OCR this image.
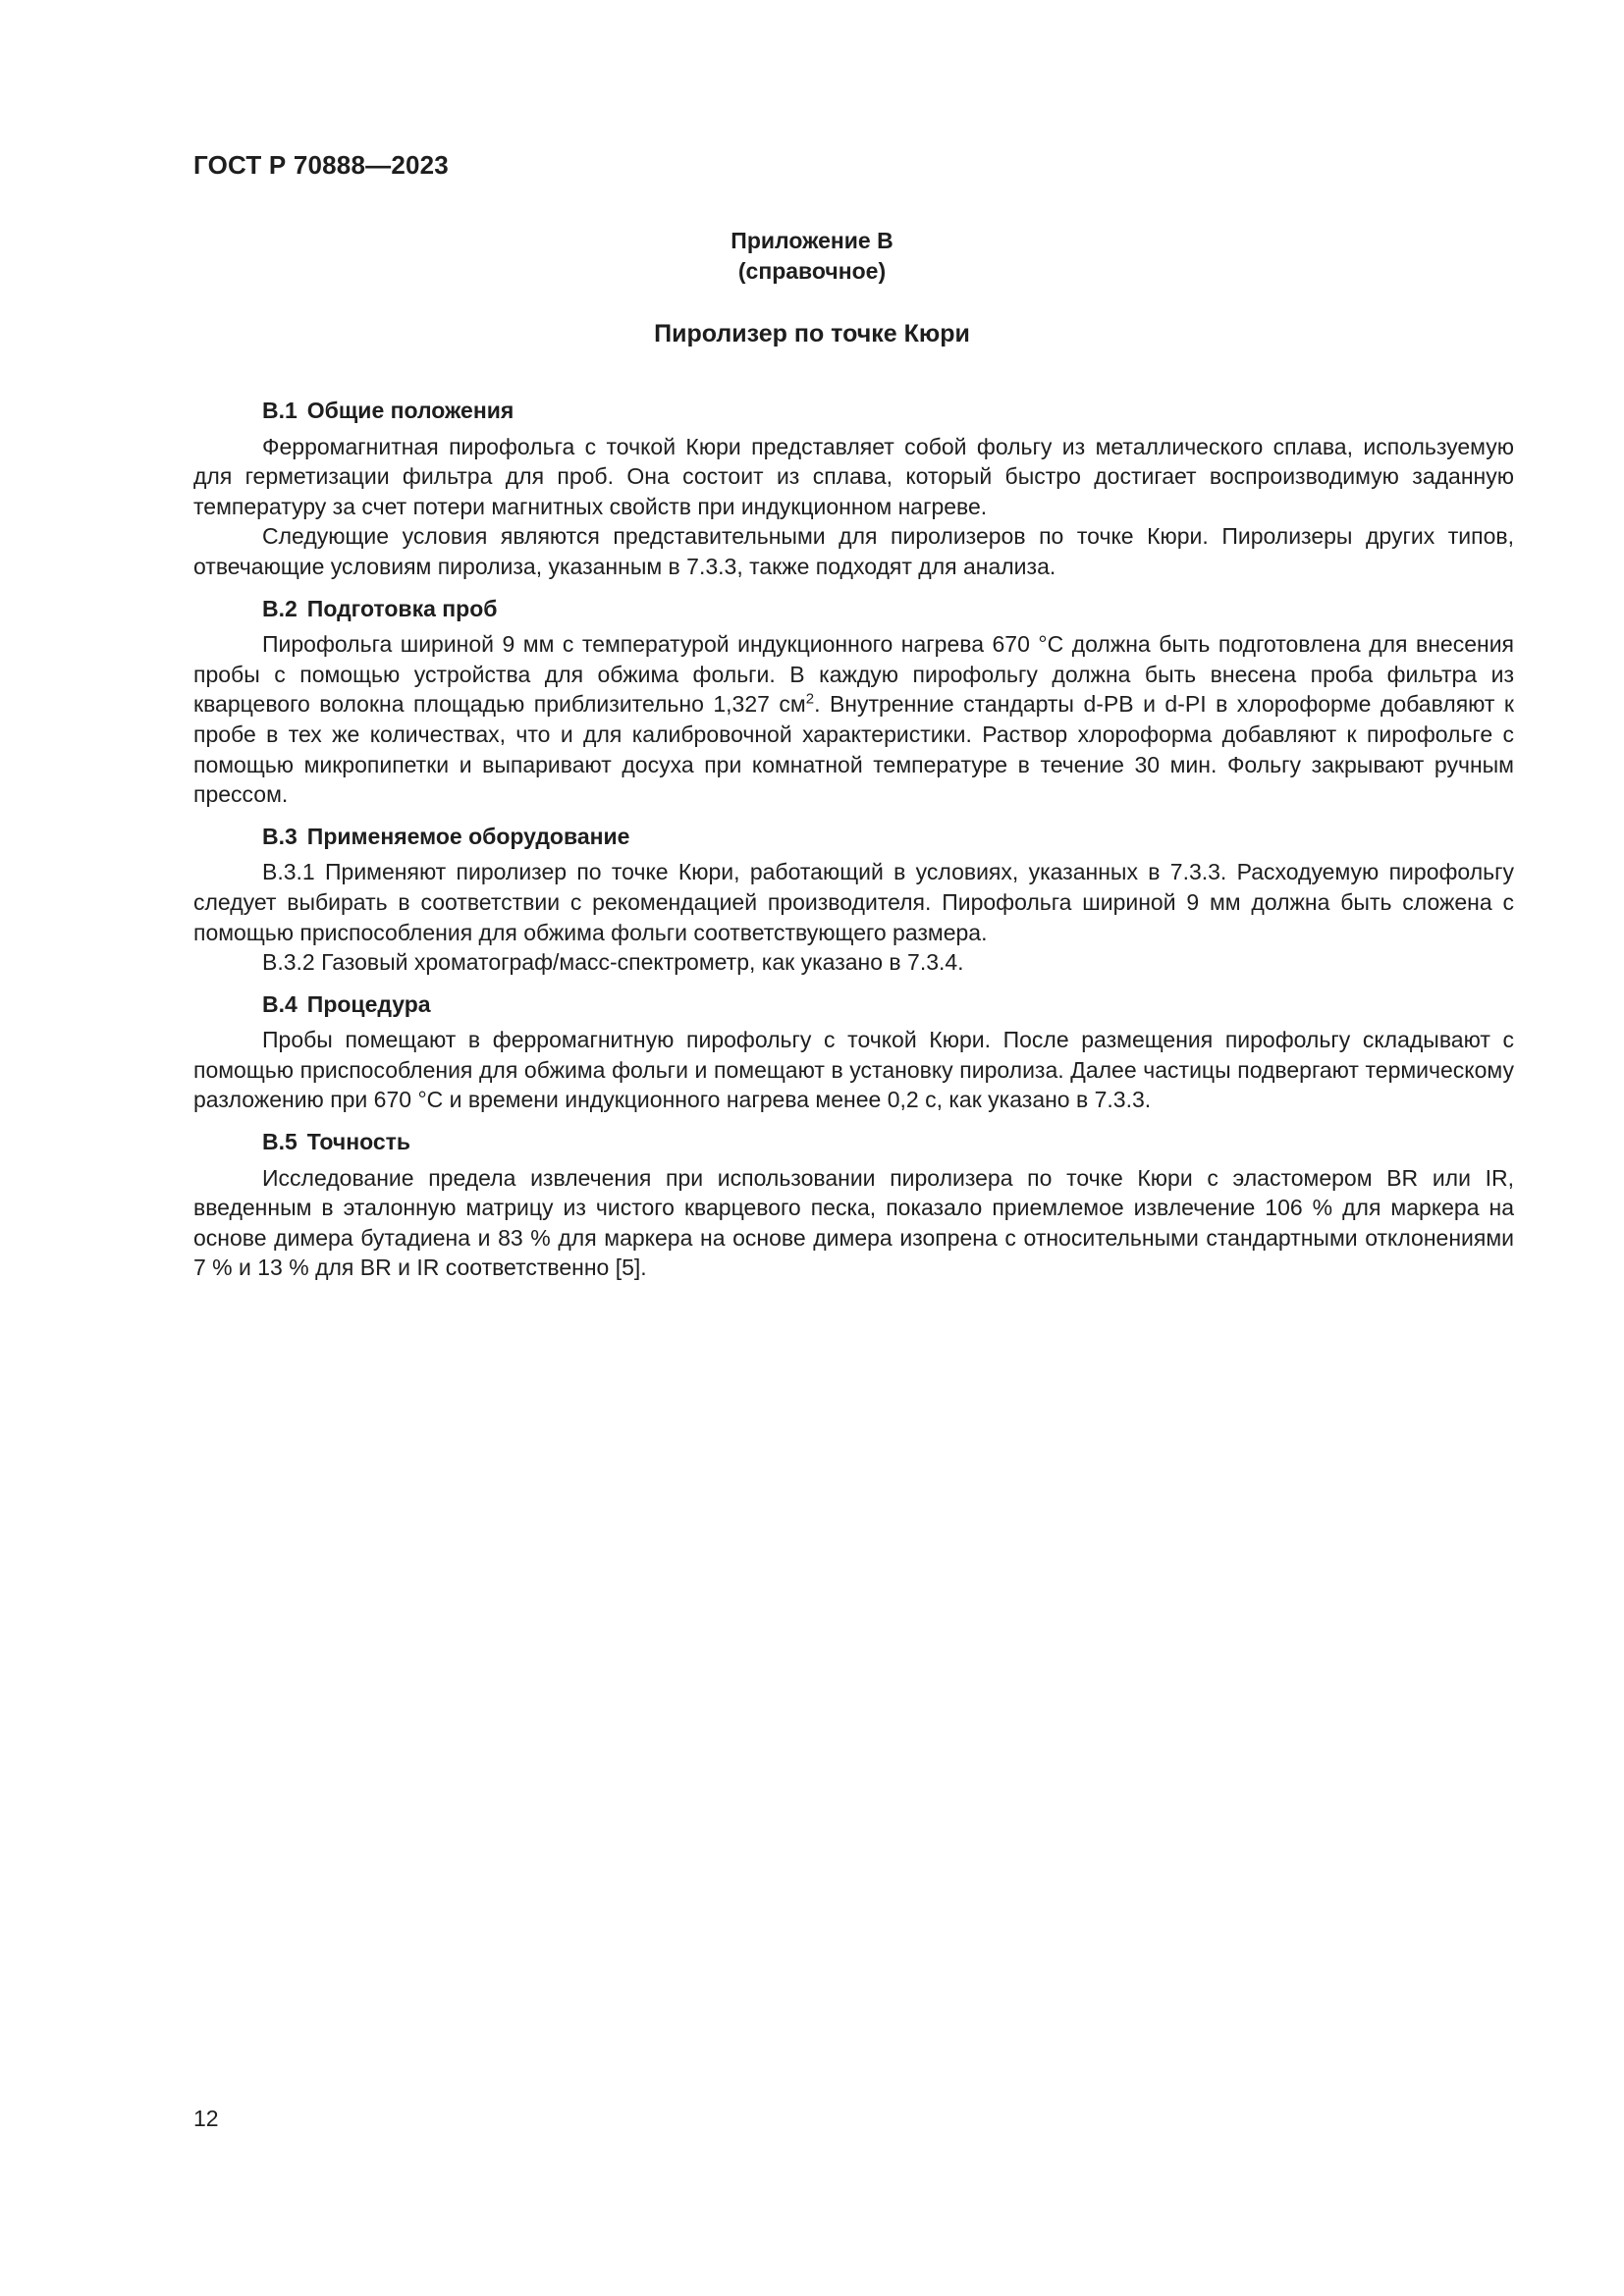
ГОСТ Р 70888—2023
Приложение В
(справочное)
Пиролизер по точке Кюри
В.1 Общие положения

Ферромагнитная пирофольга с точкой Кюри представляет собой фольгу из металлического сплава, используемую для герметизации фильтра для проб. Она состоит из сплава, который быстро достигает воспроизводимую заданную температуру за счет потери магнитных свойств при индукционном нагреве.

Следующие условия являются представительными для пиролизеров по точке Кюри. Пиролизеры других типов, отвечающие условиям пиролиза, указанным в 7.3.3, также подходят для анализа.

В.2 Подготовка проб

Пирофольга шириной 9 мм с температурой индукционного нагрева 670 °С должна быть подготовлена для внесения пробы с помощью устройства для обжима фольги. В каждую пирофольгу должна быть внесена проба фильтра из кварцевого волокна площадью приблизительно 1,327 $см^2$. Внутренние стандарты d-PB и d-PI в хлороформе добавляют к пробе в тех же количествах, что и для калибровочной характеристики. Раствор хлороформа добавляют к пирофольге с помощью микропипетки и выпаривают досуха при комнатной температуре в течение 30 мин. Фольгу закрывают ручным прессом.

В.3 Применяемое оборудование

В.3.1 Применяют пиролизер по точке Кюри, работающий в условиях, указанных в 7.3.3. Расходуемую пирофольгу следует выбирать в соответствии с рекомендацией производителя. Пирофольга шириной 9 мм должна быть сложена с помощью приспособления для обжима фольги соответствующего размера.

В.3.2 Газовый хроматограф/масс-спектрометр, как указано в 7.3.4.

В.4 Процедура

Пробы помещают в ферромагнитную пирофольгу с точкой Кюри. После размещения пирофольгу складывают с помощью приспособления для обжима фольги и помещают в установку пиролиза. Далее частицы подвергают термическому разложению при 670 °С и времени индукционного нагрева менее 0,2 с, как указано в 7.3.3.

В.5 Точность

Исследование предела извлечения при использовании пиролизера по точке Кюри с эластомером BR или IR, введенным в эталонную матрицу из чистого кварцевого песка, показало приемлемое извлечение 106 % для маркера на основе димера бутадиена и 83 % для маркера на основе димера изопрена с относительными стандартными отклонениями 7 % и 13 % для BR и IR соответственно [5].

12
